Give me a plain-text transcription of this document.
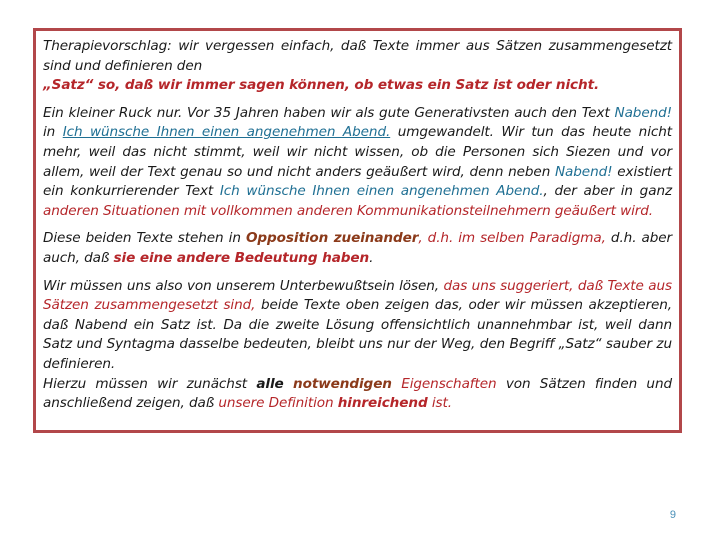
Therapievorschlag: wir vergessen einfach, daß Texte immer aus Sätzen zusammengesetzt sind und definieren den
„Satz“ so, daß wir immer sagen können, ob etwas ein Satz ist oder nicht.

Ein kleiner Ruck nur. Vor 35 Jahren haben wir als gute Generativsten auch den Text Nabend! in Ich wünsche Ihnen einen angenehmen Abend. umgewandelt. Wir tun das heute nicht mehr, weil das nicht stimmt, weil wir nicht wissen, ob die Personen sich Siezen und vor allem, weil der Text genau so und nicht anders geäußert wird, denn neben Nabend! existiert ein konkurrierender Text Ich wünsche Ihnen einen angenehmen Abend., der aber in ganz anderen Situationen mit vollkommen anderen Kommunikationsteilnehmern geäußert wird.

Diese beiden Texte stehen in Opposition zueinander, d.h. im selben Paradigma, d.h. aber auch, daß sie eine andere Bedeutung haben.

Wir müssen uns also von unserem Unterbewußtsein lösen, das uns suggeriert, daß Texte aus Sätzen zusammengesetzt sind, beide Texte oben zeigen das, oder wir müssen akzeptieren, daß Nabend ein Satz ist. Da die zweite Lösung offensichtlich unannehmbar ist, weil dann Satz und Syntagma dasselbe bedeuten, bleibt uns nur der Weg, den Begriff „Satz“ sauber zu definieren.

Hierzu müssen wir zunächst alle notwendigen Eigenschaften von Sätzen finden und anschließend zeigen, daß unsere Definition hinreichend ist.

9
